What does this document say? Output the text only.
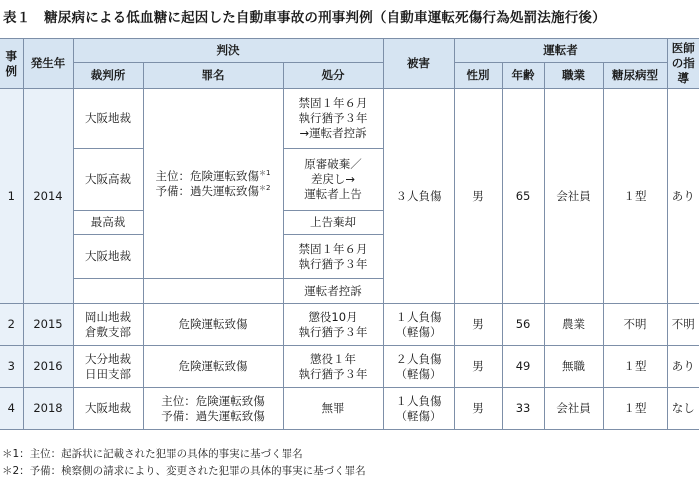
表１　糖尿病による低血糖に起因した自動車事故の刑事判例（自動車運転死傷行為処罰法施行後）
事例	発生年	判決			被害	運転者				医師の指導
		裁判所	罪名	処分		性別	年齢	職業	糖尿病型	
1	2014	大阪地裁	主位：危険運転致傷$^{*1}$
予備：過失運転致傷$^{*2}$	禁固１年６月
執行猶予３年
→運転者控訴	３人負傷	男	65	会社員	１型	あり
		大阪高裁		原審破棄／
差戻し→
運転者上告						
		最高裁		上告棄却						
		大阪地裁		禁固１年６月
執行猶予３年						
				運転者控訴						
2	2015	岡山地裁
倉敷支部	危険運転致傷	懲役10月
執行猶予３年	１人負傷
（軽傷）	男	56	農業	不明	不明
3	2016	大分地裁
日田支部	危険運転致傷	懲役１年
執行猶予３年	２人負傷
（軽傷）	男	49	無職	１型	あり
4	2018	大阪地裁	主位：危険運転致傷
予備：過失運転致傷	無罪	１人負傷
（軽傷）	男	33	会社員	１型	なし
＊1：主位：起訴状に記載された犯罪の具体的事実に基づく罪名
＊2：予備：検察側の請求により、変更された犯罪の具体的事実に基づく罪名
